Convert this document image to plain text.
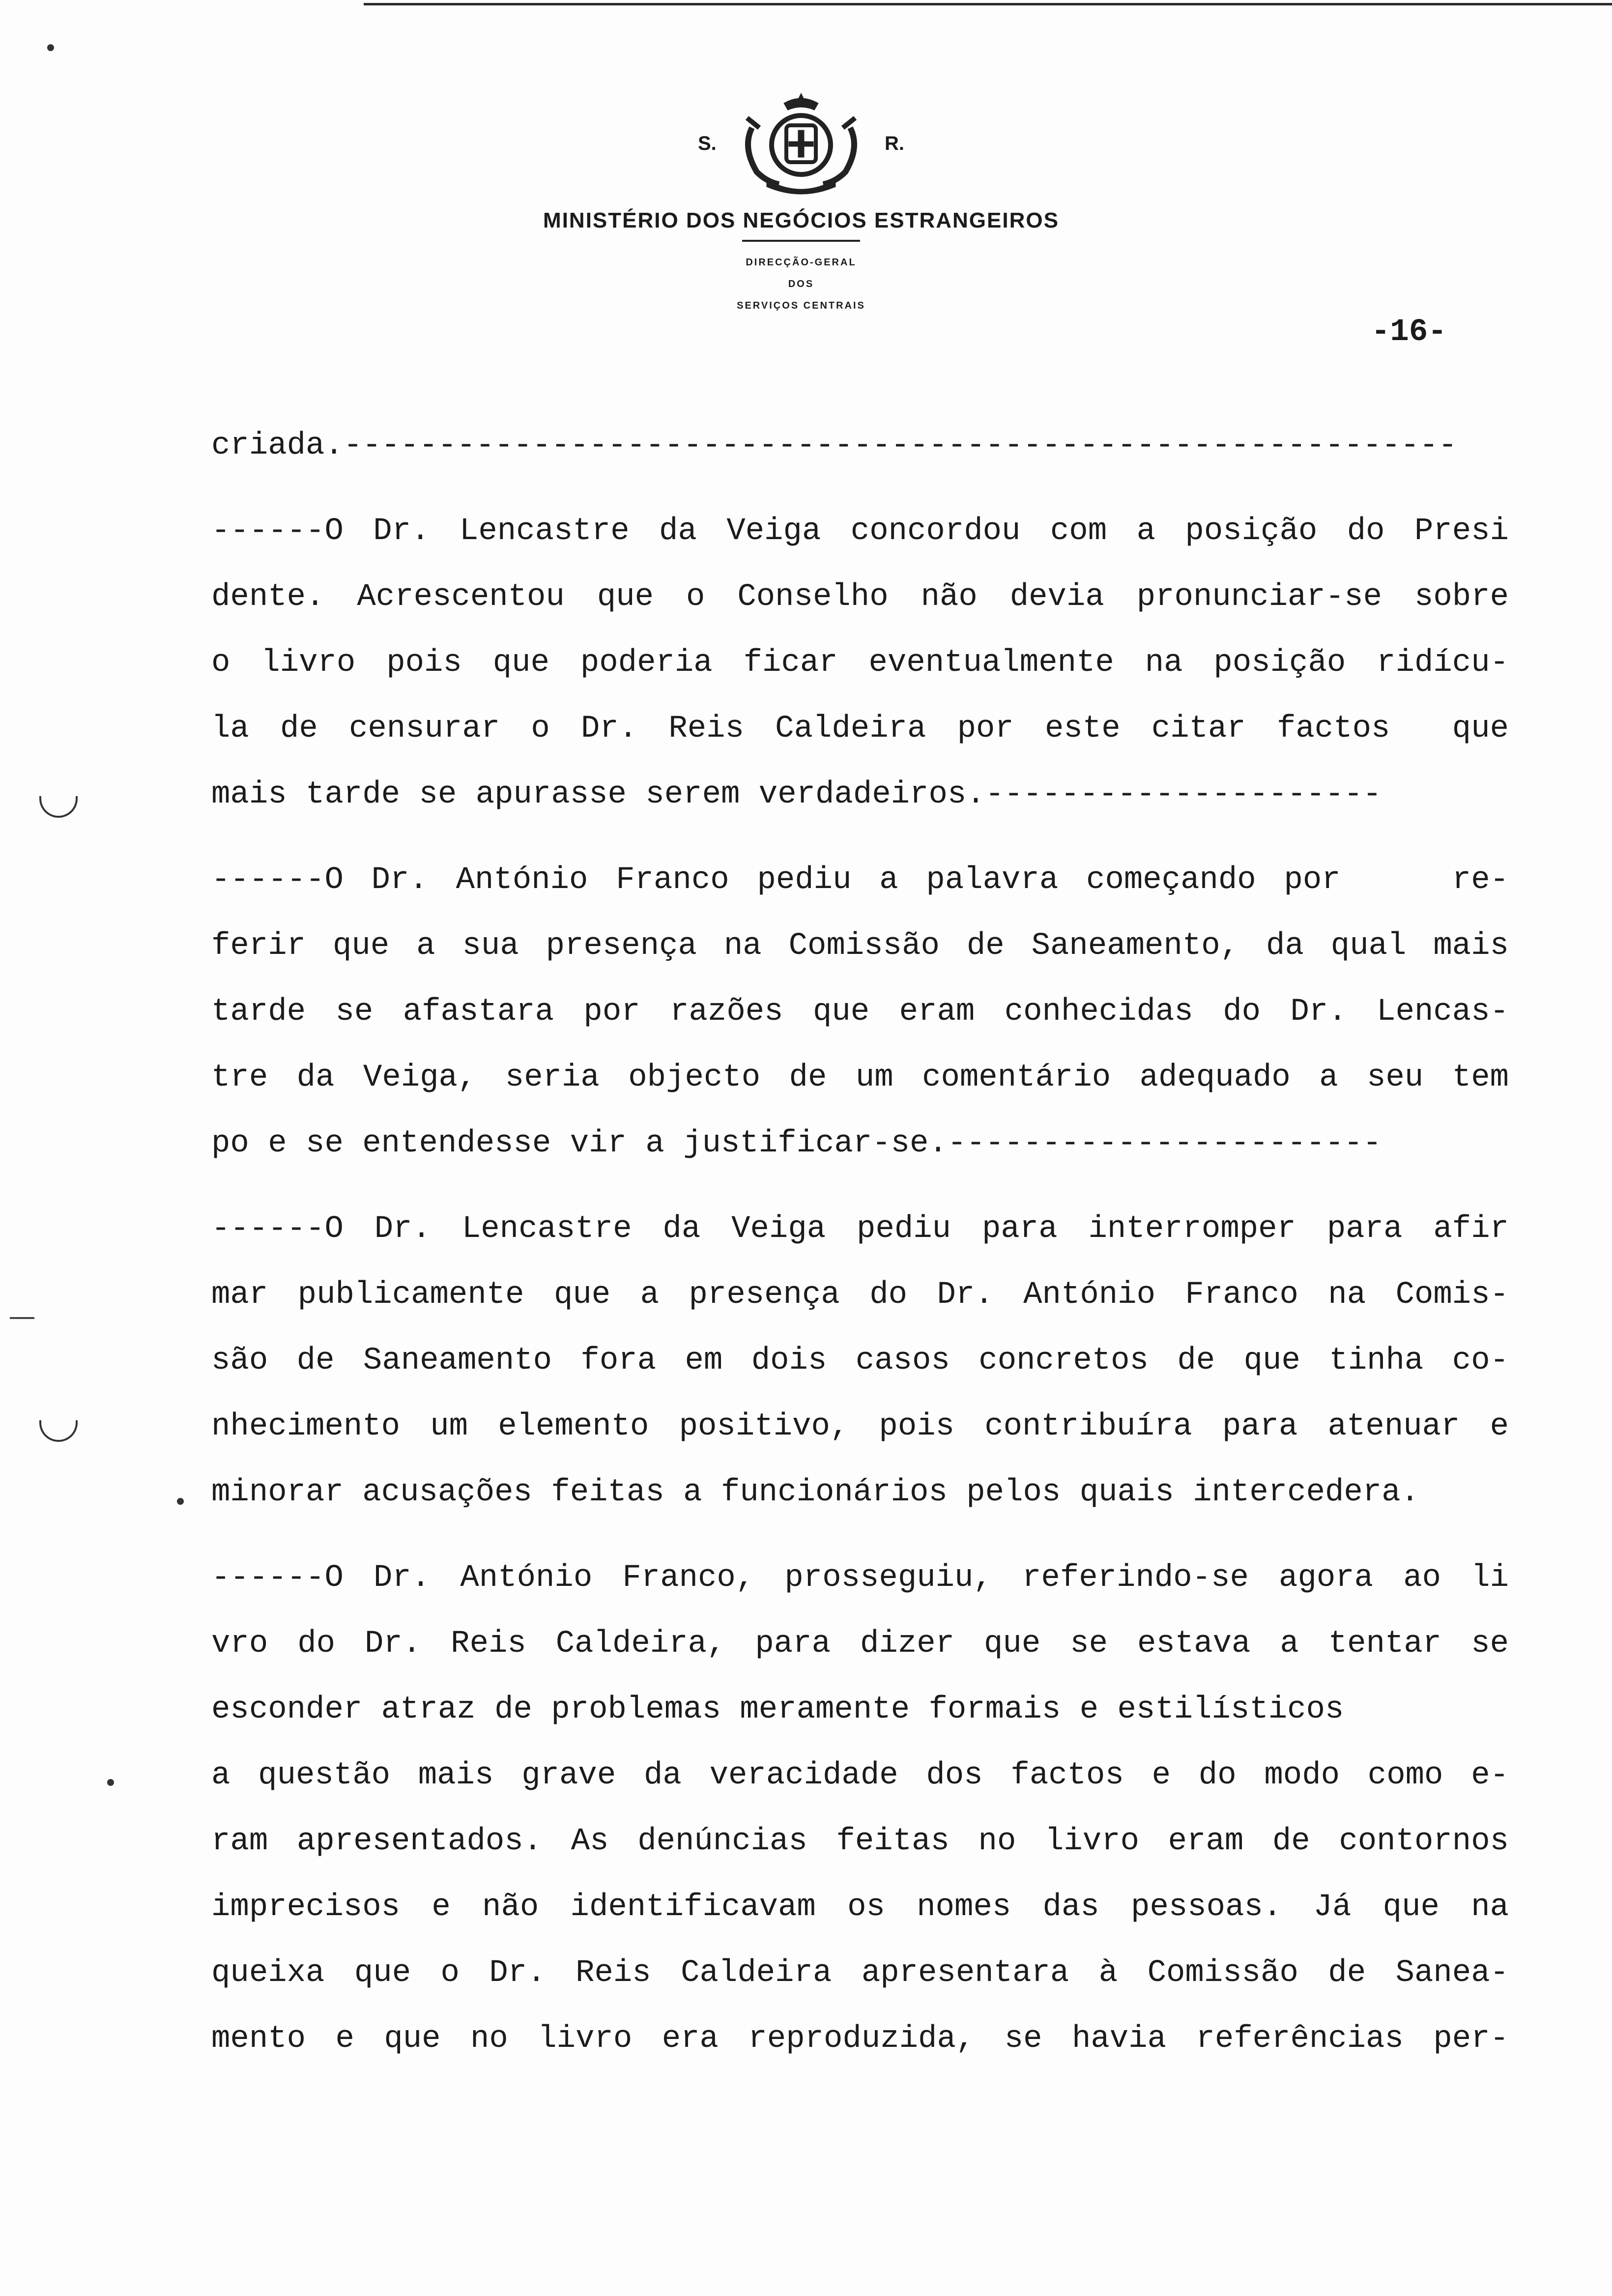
S.	R.
MINISTÉRIO DOS NEGÓCIOS ESTRANGEIROS
DIRECÇÃO-GERAL
DOS
SERVIÇOS CENTRAIS
-16-
criada.-----------------------------------------------------------
------O Dr. Lencastre da Veiga concordou com a posição do Presi
dente. Acrescentou que o Conselho não devia pronunciar-se sobre
o livro pois que poderia ficar eventualmente na posição ridícu-
la de censurar o Dr. Reis Caldeira por este citar factos  que
mais tarde se apurasse serem verdadeiros.---------------------
------O Dr. António Franco pediu a palavra começando por    re-
ferir que a sua presença na Comissão de Saneamento, da qual mais
tarde se afastara por razões que eram conhecidas do Dr. Lencas-
tre da Veiga, seria objecto de um comentário adequado a seu tem
po e se entendesse vir a justificar-se.-----------------------
------O Dr. Lencastre da Veiga pediu para interromper para afir
mar publicamente que a presença do Dr. António Franco na Comis-
são de Saneamento fora em dois casos concretos de que tinha co-
nhecimento um elemento positivo, pois contribuíra para atenuar e
minorar acusações feitas a funcionários pelos quais intercedera.
------O Dr. António Franco, prosseguiu, referindo-se agora ao li
vro do Dr. Reis Caldeira, para dizer que se estava a tentar se
esconder atraz de problemas meramente formais e estilísticos
a questão mais grave da veracidade dos factos e do modo como e-
ram apresentados. As denúncias feitas no livro eram de contornos
imprecisos e não identificavam os nomes das pessoas. Já que na
queixa que o Dr. Reis Caldeira apresentara à Comissão de Sanea-
mento e que no livro era reproduzida, se havia referências per-
